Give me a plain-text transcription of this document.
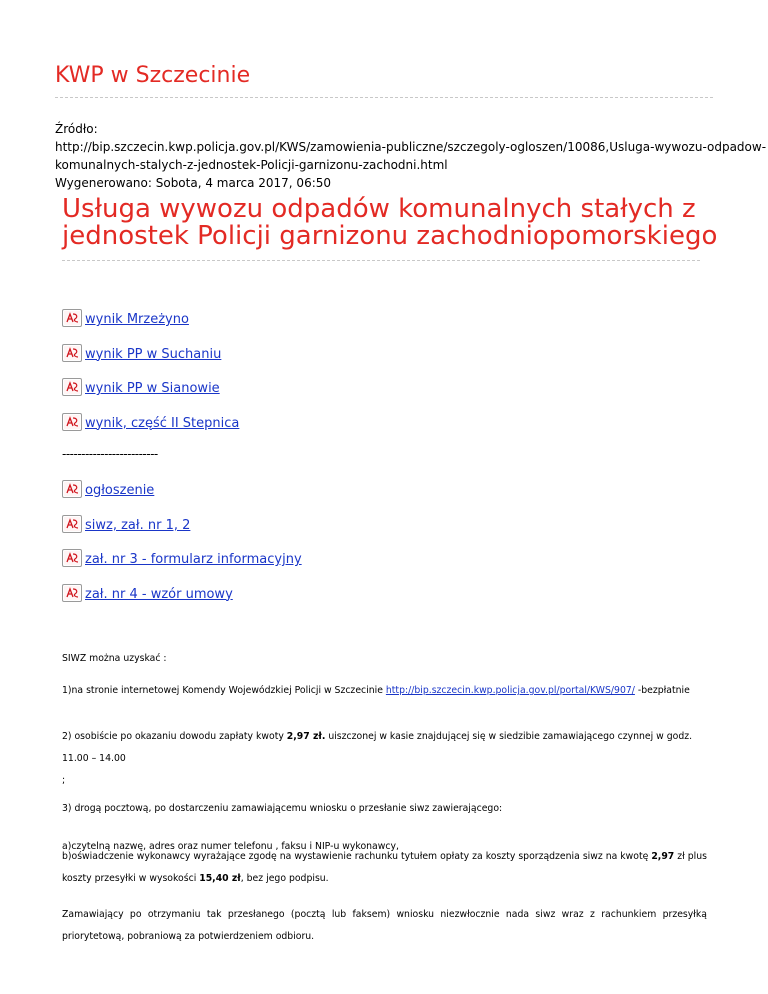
KWP w Szczecinie
Źródło:
http://bip.szczecin.kwp.policja.gov.pl/KWS/zamowienia-publiczne/szczegoly-ogloszen/10086,Usluga-wywozu-odpadow-
komunalnych-stalych-z-jednostek-Policji-garnizonu-zachodni.html
Wygenerowano: Sobota, 4 marca 2017, 06:50
Usługa wywozu odpadów komunalnych stałych z jednostek Policji garnizonu zachodniopomorskiego
wynik Mrzeżyno
wynik PP w Suchaniu
wynik PP w Sianowie
wynik, część II Stepnica
-------------------------
ogłoszenie
siwz, zał. nr 1, 2
zał. nr 3 - formularz informacyjny
zał. nr 4 - wzór umowy

SIWZ można uzyskać :

1)na stronie internetowej Komendy Wojewódzkiej Policji w Szczecinie http://bip.szczecin.kwp.policja.gov.pl/portal/KWS/907/ -bezpłatnie

2) osobiście po okazaniu dowodu zapłaty kwoty 2,97 zł. uiszczonej w kasie znajdującej się w siedzibie zamawiającego czynnej w godz. 11.00 – 14.00
;

3) drogą pocztową, po dostarczeniu zamawiającemu wniosku o przesłanie siwz zawierającego:

a)czytelną nazwę, adres oraz numer telefonu , faksu i NIP-u wykonawcy,

b)oświadczenie wykonawcy wyrażające zgodę na wystawienie rachunku tytułem opłaty za koszty sporządzenia siwz na kwotę 2,97 zł plus koszty przesyłki w wysokości 15,40 zł, bez jego podpisu.

Zamawiający po otrzymaniu tak przesłanego (pocztą lub faksem) wniosku niezwłocznie nada siwz wraz z rachunkiem przesyłką priorytetową, pobraniową za potwierdzeniem odbioru.
